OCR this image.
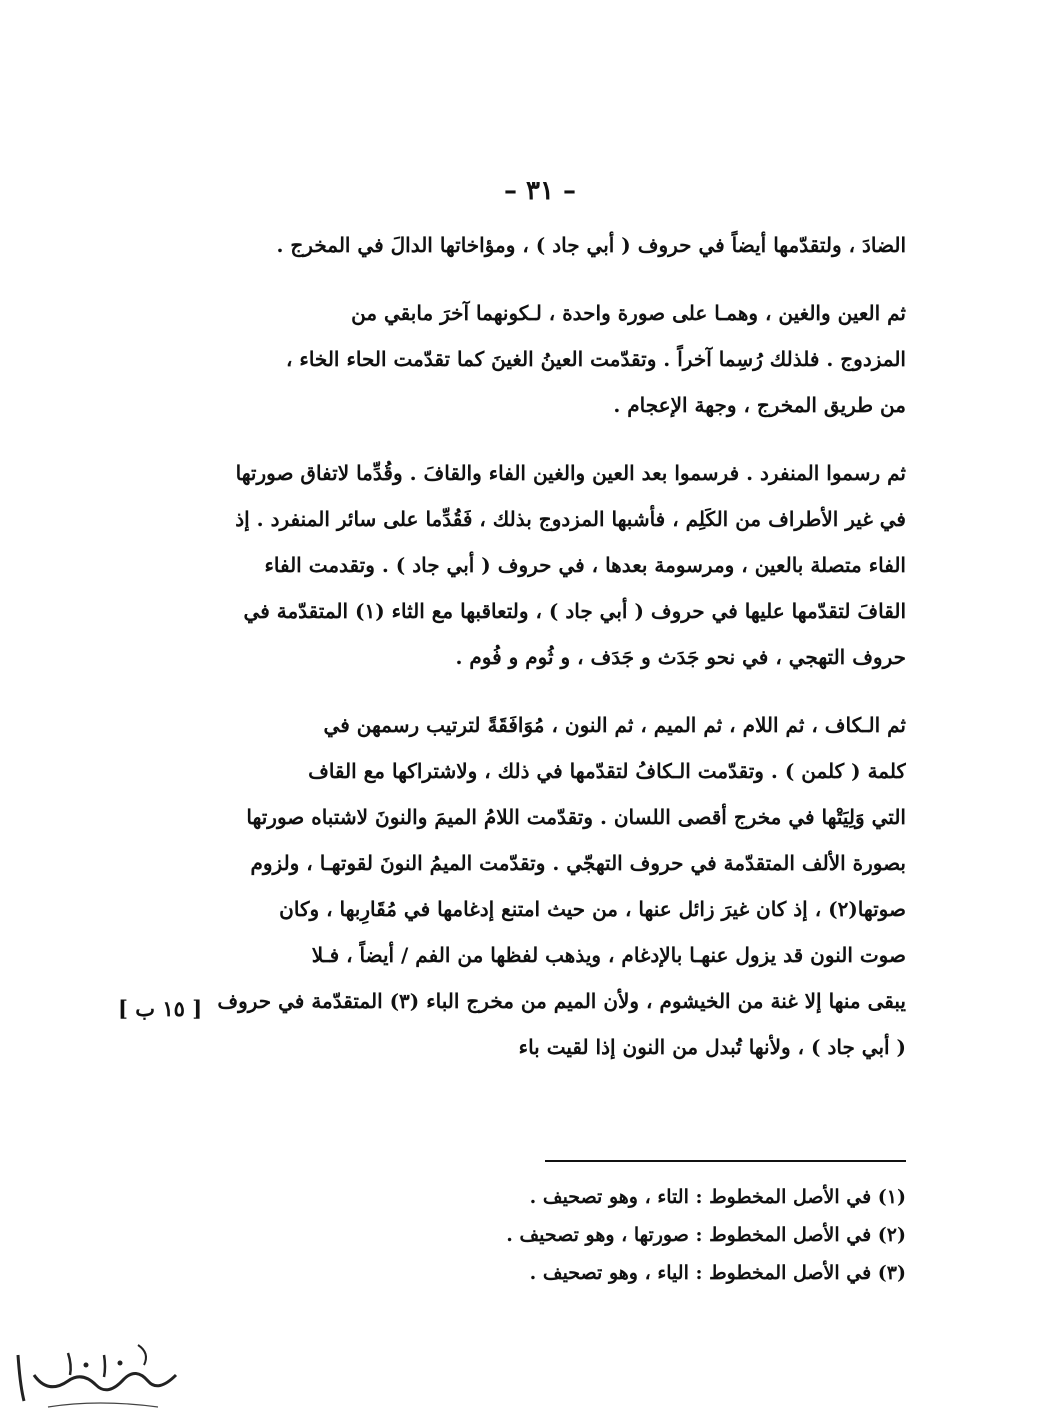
– ٣١ –
الضادَ ، ولتقدّمها أيضاً في حروف ( أبي جاد ) ، ومؤاخاتها الدالَ في المخرج .
ثم العين والغين ، وهمـا على صورة واحدة ، لـكونهما آخرَ مابقي من
المزدوج . فلذلك رُسِما آخراً . وتقدّمت العينُ الغينَ كما تقدّمت الحاء الخاء ،
من طريق المخرج ، وجهة الإعجام .
ثم رسموا المنفرد . فرسموا بعد العين والغين الفاء والقافَ . وقُدِّما لاتفاق صورتها
في غير الأطراف من الكَلِم ، فأشبها المزدوج بذلك ، فَقُدِّما على سائر المنفرد . إذ
الفاء متصلة بالعين ، ومرسومة بعدها ، في حروف ( أبي جاد ) . وتقدمت الفاء
القافَ لتقدّمها عليها في حروف ( أبي جاد ) ، ولتعاقبها مع الثاء (١) المتقدّمة في
حروف التهجي ، في نحو جَدَث و جَدَف ، و ثُوم و فُوم .
ثم الـكاف ، ثم اللام ، ثم الميم ، ثم النون ، مُوَافَقَةً لترتيب رسمهن في
كلمة ( كلمن ) . وتقدّمت الـكافُ لتقدّمها في ذلك ، ولاشتراكها مع القاف
التي وَلِيَتْها في مخرج أقصى اللسان . وتقدّمت اللامُ الميمَ والنونَ لاشتباه صورتها
بصورة الألف المتقدّمة في حروف التهجّي . وتقدّمت الميمُ النونَ لقوتهـا ، ولزوم
صوتها(٢) ، إذ كان غيرَ زائل عنها ، من حيث امتنع إدغامها في مُقَارِبها ، وكان
صوت النون قد يزول عنهـا بالإدغام ، ويذهب لفظها من الفم / أيضاً ، فـلا
يبقى منها إلا غنة من الخيشوم ، ولأن الميم من مخرج الباء (٣) المتقدّمة في حروف
( أبي جاد ) ، ولأنها تُبدل من النون إذا لقيت باء
[ ١٥ ب ]
(١) في الأصل المخطوط : التاء ، وهو تصحيف .
(٢) في الأصل المخطوط : صورتها ، وهو تصحيف .
(٣) في الأصل المخطوط : الياء ، وهو تصحيف .
